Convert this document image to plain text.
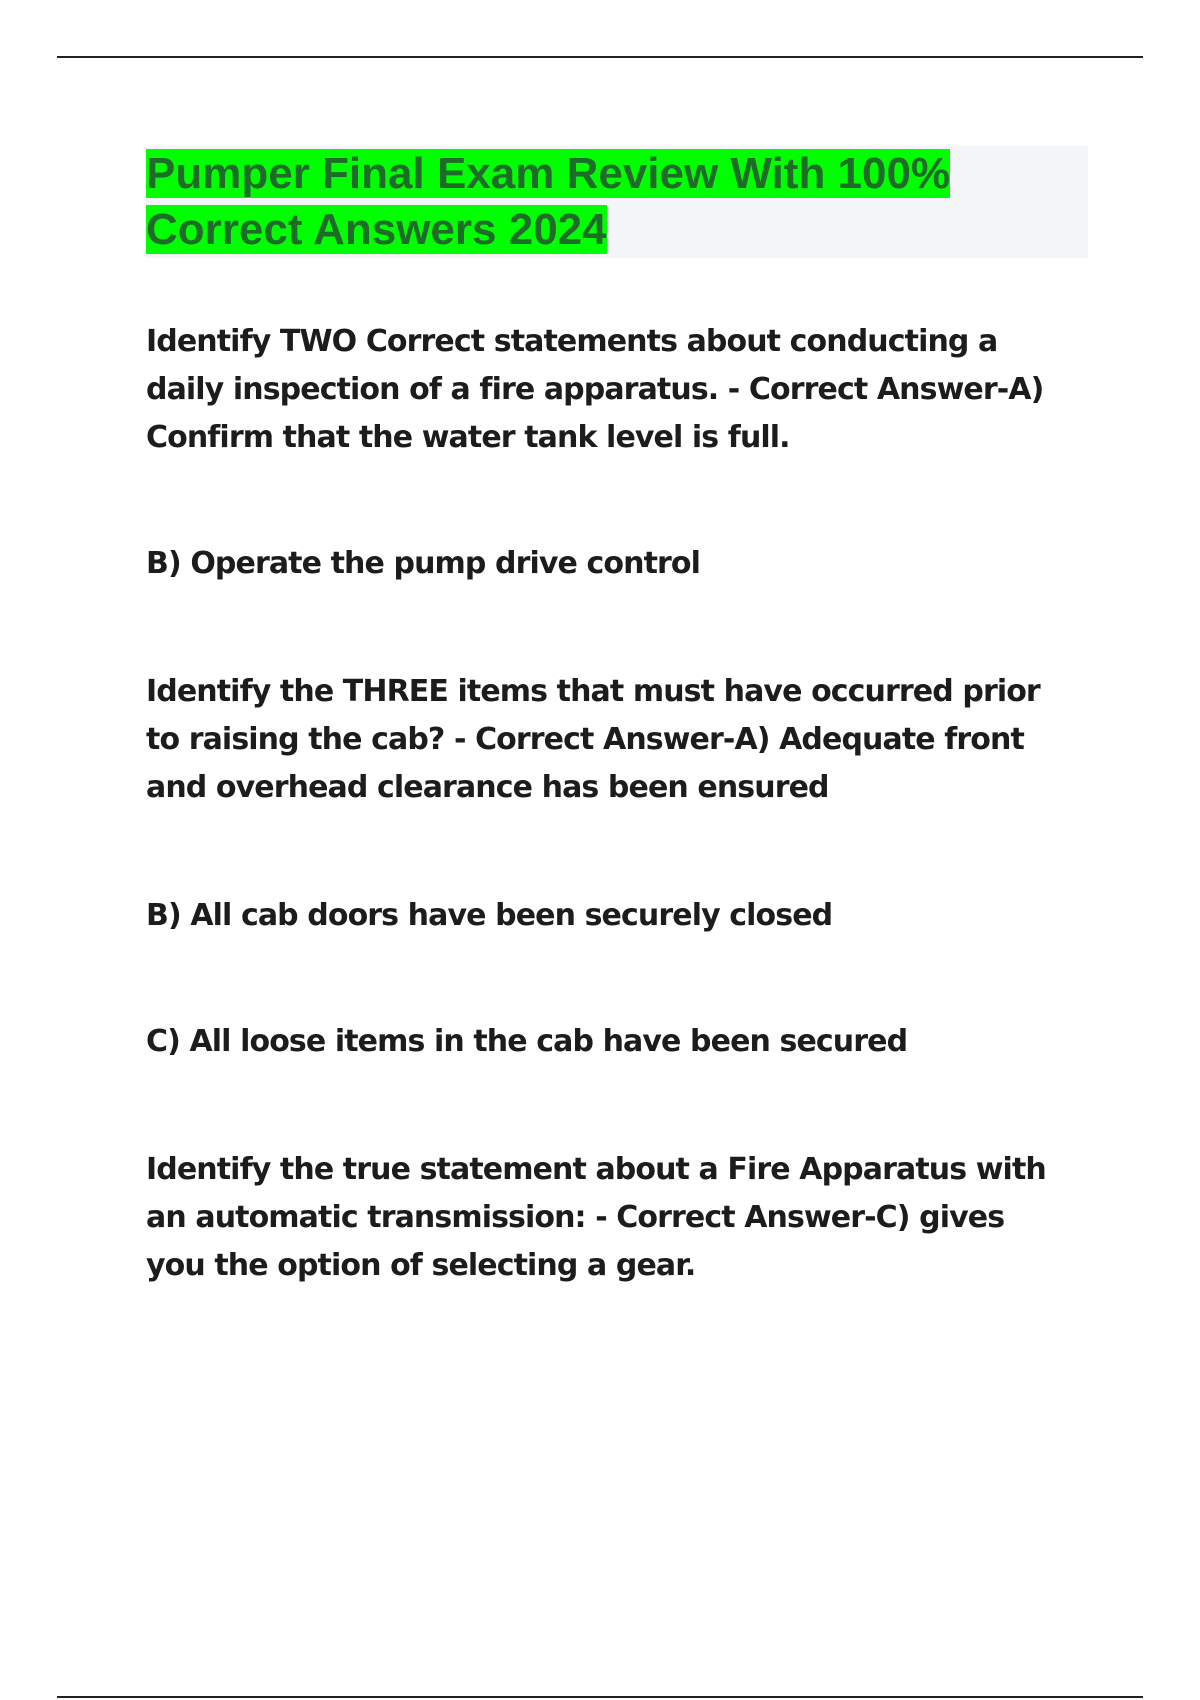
Pumper Final Exam Review With 100% Correct Answers 2024

Identify TWO Correct statements about conducting a daily inspection of a fire apparatus. - Correct Answer-A) Confirm that the water tank level is full.

B) Operate the pump drive control

Identify the THREE items that must have occurred prior to raising the cab? - Correct Answer-A) Adequate front and overhead clearance has been ensured

B) All cab doors have been securely closed

C) All loose items in the cab have been secured

Identify the true statement about a Fire Apparatus with an automatic transmission: - Correct Answer-C) gives you the option of selecting a gear.
